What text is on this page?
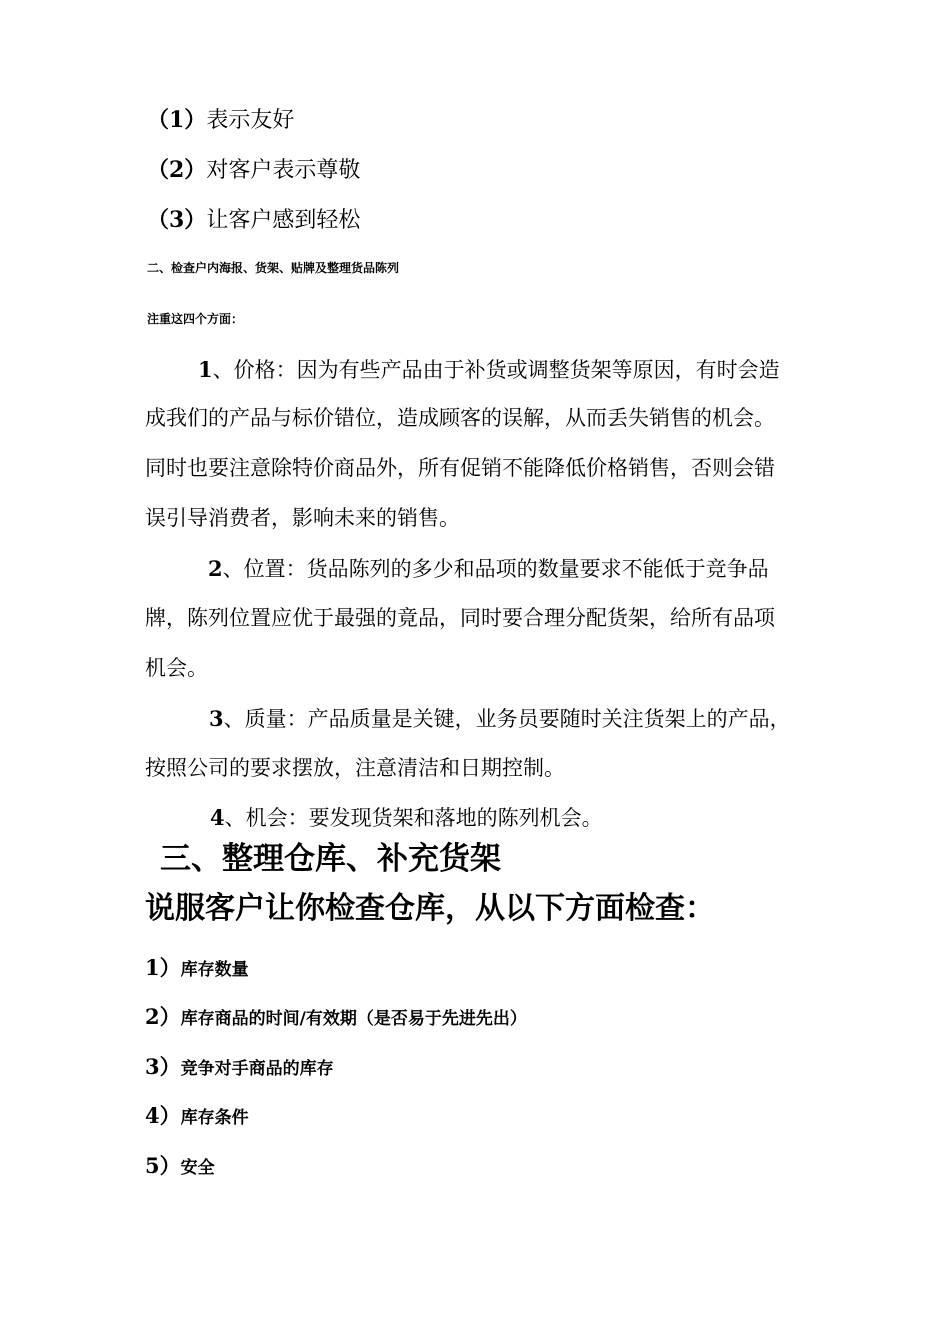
（1）表示友好
（2）对客户表示尊敬
（3）让客户感到轻松
二、检查户内海报、货架、贴牌及整理货品陈列
注重这四个方面：
1、价格：因为有些产品由于补货或调整货架等原因，有时会造
成我们的产品与标价错位，造成顾客的误解，从而丢失销售的机会。
同时也要注意除特价商品外，所有促销不能降低价格销售，否则会错
误引导消费者，影响未来的销售。
2、位置：货品陈列的多少和品项的数量要求不能低于竞争品
牌，陈列位置应优于最强的竟品，同时要合理分配货架，给所有品项
机会。
3、质量：产品质量是关键，业务员要随时关注货架上的产品，
按照公司的要求摆放，注意清洁和日期控制。
4、机会：要发现货架和落地的陈列机会。
三、整理仓库、补充货架
说服客户让你检查仓库，从以下方面检查：
1）库存数量
2）库存商品的时间/有效期（是否易于先进先出）
3）竞争对手商品的库存
4）库存条件
5）安全
